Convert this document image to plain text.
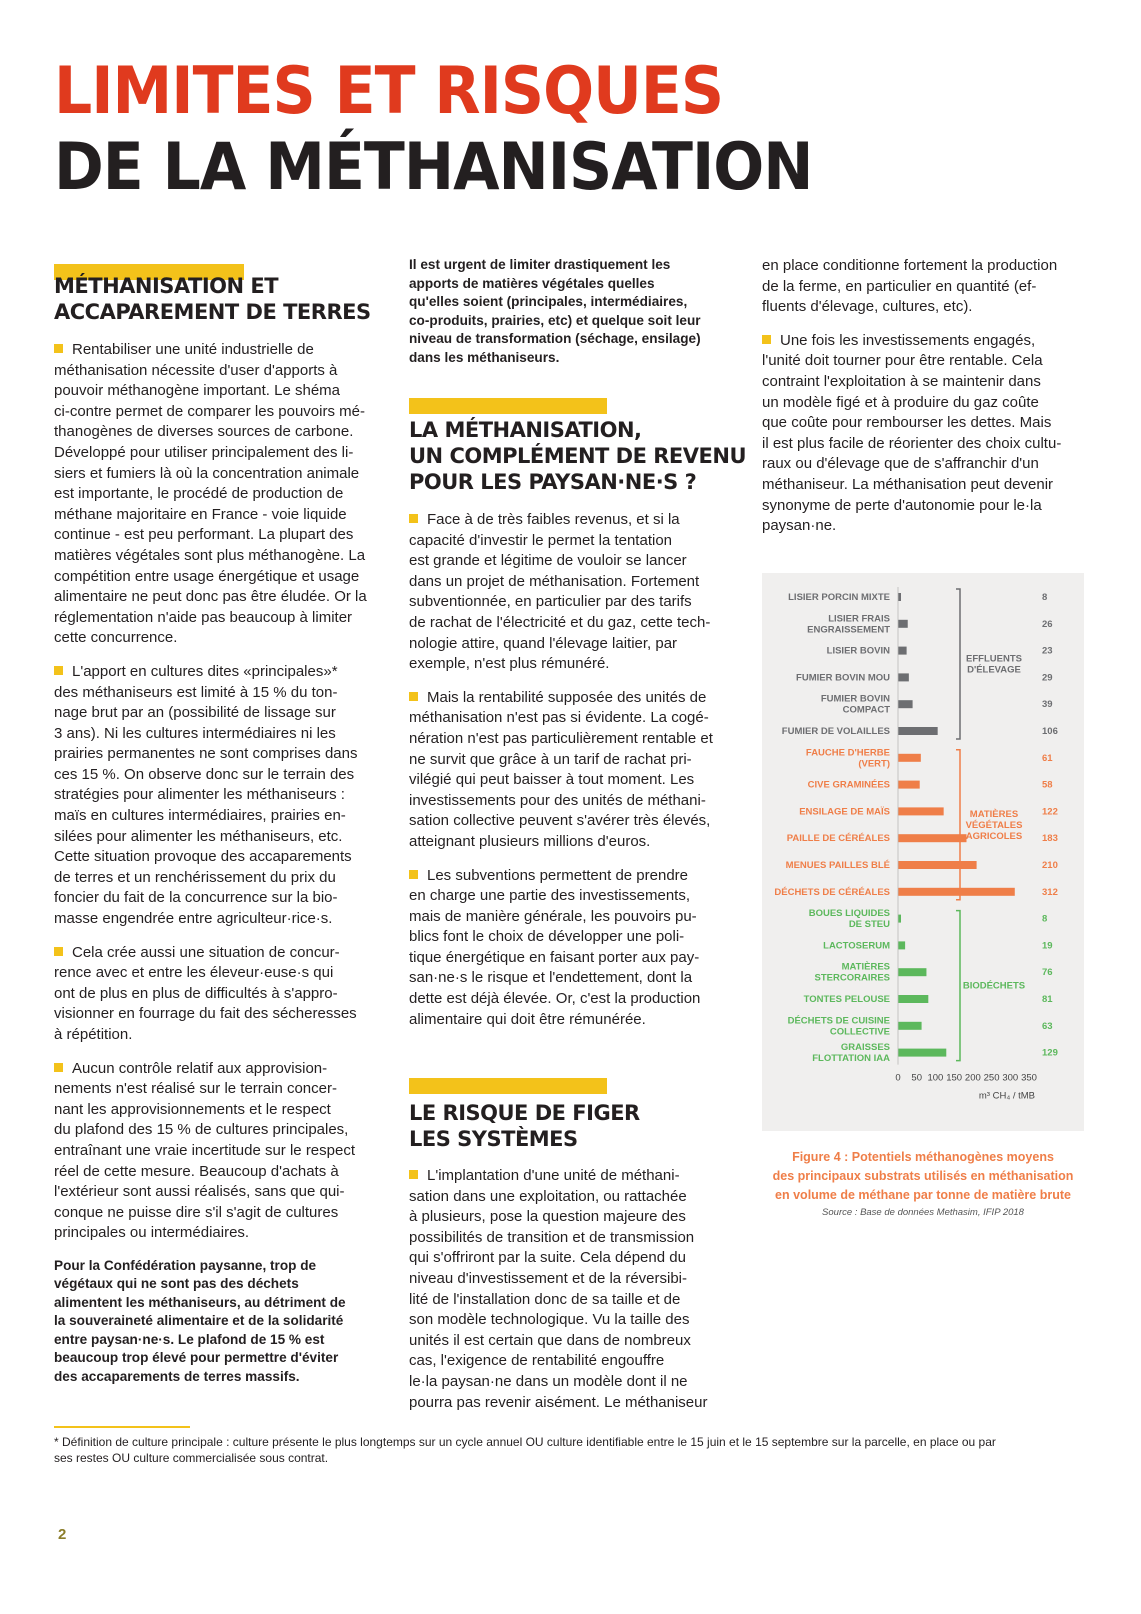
LIMITES ET RISQUES
DE LA MÉTHANISATION
MÉTHANISATION ET
ACCAPAREMENT DE TERRES

Rentabiliser une unité industrielle de
méthanisation nécessite d'user d'apports à
pouvoir méthanogène important. Le shéma
ci-contre permet de comparer les pouvoirs mé-
thanogènes de diverses sources de carbone.
Développé pour utiliser principalement des li-
siers et fumiers là où la concentration animale
est importante, le procédé de production de
méthane majoritaire en France - voie liquide
continue - est peu performant. La plupart des
matières végétales sont plus méthanogène. La
compétition entre usage énergétique et usage
alimentaire ne peut donc pas être éludée. Or la
réglementation n'aide pas beaucoup à limiter
cette concurrence.

L'apport en cultures dites «principales»*
des méthaniseurs est limité à 15 % du ton-
nage brut par an (possibilité de lissage sur
3 ans). Ni les cultures intermédiaires ni les
prairies permanentes ne sont comprises dans
ces 15 %. On observe donc sur le terrain des
stratégies pour alimenter les méthaniseurs :
maïs en cultures intermédiaires, prairies en-
silées pour alimenter les méthaniseurs, etc.
Cette situation provoque des accaparements
de terres et un renchérissement du prix du
foncier du fait de la concurrence sur la bio-
masse engendrée entre agriculteur·rice·s.

Cela crée aussi une situation de concur-
rence avec et entre les éleveur·euse·s qui
ont de plus en plus de difficultés à s'appro-
visionner en fourrage du fait des sécheresses
à répétition.

Aucun contrôle relatif aux approvision-
nements n'est réalisé sur le terrain concer-
nant les approvisionnements et le respect
du plafond des 15 % de cultures principales,
entraînant une vraie incertitude sur le respect
réel de cette mesure. Beaucoup d'achats à
l'extérieur sont aussi réalisés, sans que qui-
conque ne puisse dire s'il s'agit de cultures
principales ou intermédiaires.

Pour la Confédération paysanne, trop de
végétaux qui ne sont pas des déchets
alimentent les méthaniseurs, au détriment de
la souveraineté alimentaire et de la solidarité
entre paysan·ne·s. Le plafond de 15 % est
beaucoup trop élevé pour permettre d'éviter
des accaparements de terres massifs.
Il est urgent de limiter drastiquement les
apports de matières végétales quelles
qu'elles soient (principales, intermédiaires,
co-produits, prairies, etc) et quelque soit leur
niveau de transformation (séchage, ensilage)
dans les méthaniseurs.
LA MÉTHANISATION,
UN COMPLÉMENT DE REVENU
POUR LES PAYSAN·NE·S ?

Face à de très faibles revenus, et si la
capacité d'investir le permet la tentation
est grande et légitime de vouloir se lancer
dans un projet de méthanisation. Fortement
subventionnée, en particulier par des tarifs
de rachat de l'électricité et du gaz, cette tech-
nologie attire, quand l'élevage laitier, par
exemple, n'est plus rémunéré.

Mais la rentabilité supposée des unités de
méthanisation n'est pas si évidente. La cogé-
nération n'est pas particulièrement rentable et
ne survit que grâce à un tarif de rachat pri-
vilégié qui peut baisser à tout moment. Les
investissements pour des unités de méthani-
sation collective peuvent s'avérer très élevés,
atteignant plusieurs millions d'euros.

Les subventions permettent de prendre
en charge une partie des investissements,
mais de manière générale, les pouvoirs pu-
blics font le choix de développer une poli-
tique énergétique en faisant porter aux pay-
san·ne·s le risque et l'endettement, dont la
dette est déjà élevée. Or, c'est la production
alimentaire qui doit être rémunérée.

LE RISQUE DE FIGER
LES SYSTÈMES

L'implantation d'une unité de méthani-
sation dans une exploitation, ou rattachée
à plusieurs, pose la question majeure des
possibilités de transition et de transmission
qui s'offriront par la suite. Cela dépend du
niveau d'investissement et de la réversibi-
lité de l'installation donc de sa taille et de
son modèle technologique. Vu la taille des
unités il est certain que dans de nombreux
cas, l'exigence de rentabilité engouffre
le·la paysan·ne dans un modèle dont il ne
pourra pas revenir aisément. Le méthaniseur

en place conditionne fortement la production
de la ferme, en particulier en quantité (ef-
fluents d'élevage, cultures, etc).

Une fois les investissements engagés,
l'unité doit tourner pour être rentable. Cela
contraint l'exploitation à se maintenir dans
un modèle figé et à produire du gaz coûte
que coûte pour rembourser les dettes. Mais
il est plus facile de réorienter des choix cultu-
raux ou d'élevage que de s'affranchir d'un
méthaniseur. La méthanisation peut devenir
synonyme de perte d'autonomie pour le·la
paysan·ne.

LISIER PORCIN MIXTE	8
LISIER FRAIS
ENGRAISSEMENT	26
LISIER BOVIN	23
FUMIER BOVIN MOU	29
FUMIER BOVIN
COMPACT	39
FUMIER DE VOLAILLES	106
FAUCHE D'HERBE
(VERT)	61
CIVE GRAMINÉES	58
ENSILAGE DE MAÏS	122
PAILLE DE CÉRÉALES	183
MENUES PAILLES BLÉ	210
DÉCHETS DE CÉRÉALES	312
BOUES LIQUIDES
DE STEU	8
LACTOSERUM	19
MATIÈRES
STERCORAIRES	76
TONTES PELOUSE	81
DÉCHETS DE CUISINE
COLLECTIVE	63
GRAISSES
FLOTTATION IAA	129
EFFLUENTS
D'ÉLEVAGE
MATIÈRES
VÉGÉTALES
AGRICOLES
BIODÉCHETS
0 50 100 150 200 250 300 350
m³ CH₄ / tMB
Figure 4 : Potentiels méthanogènes moyens
des principaux substrats utilisés en méthanisation
en volume de méthane par tonne de matière brute
Source : Base de données Methasim, IFIP 2018
* Définition de culture principale : culture présente le plus longtemps sur un cycle annuel OU culture identifiable entre le 15 juin et le 15 septembre sur la parcelle, en place ou par
ses restes OU culture commercialisée sous contrat.
2
